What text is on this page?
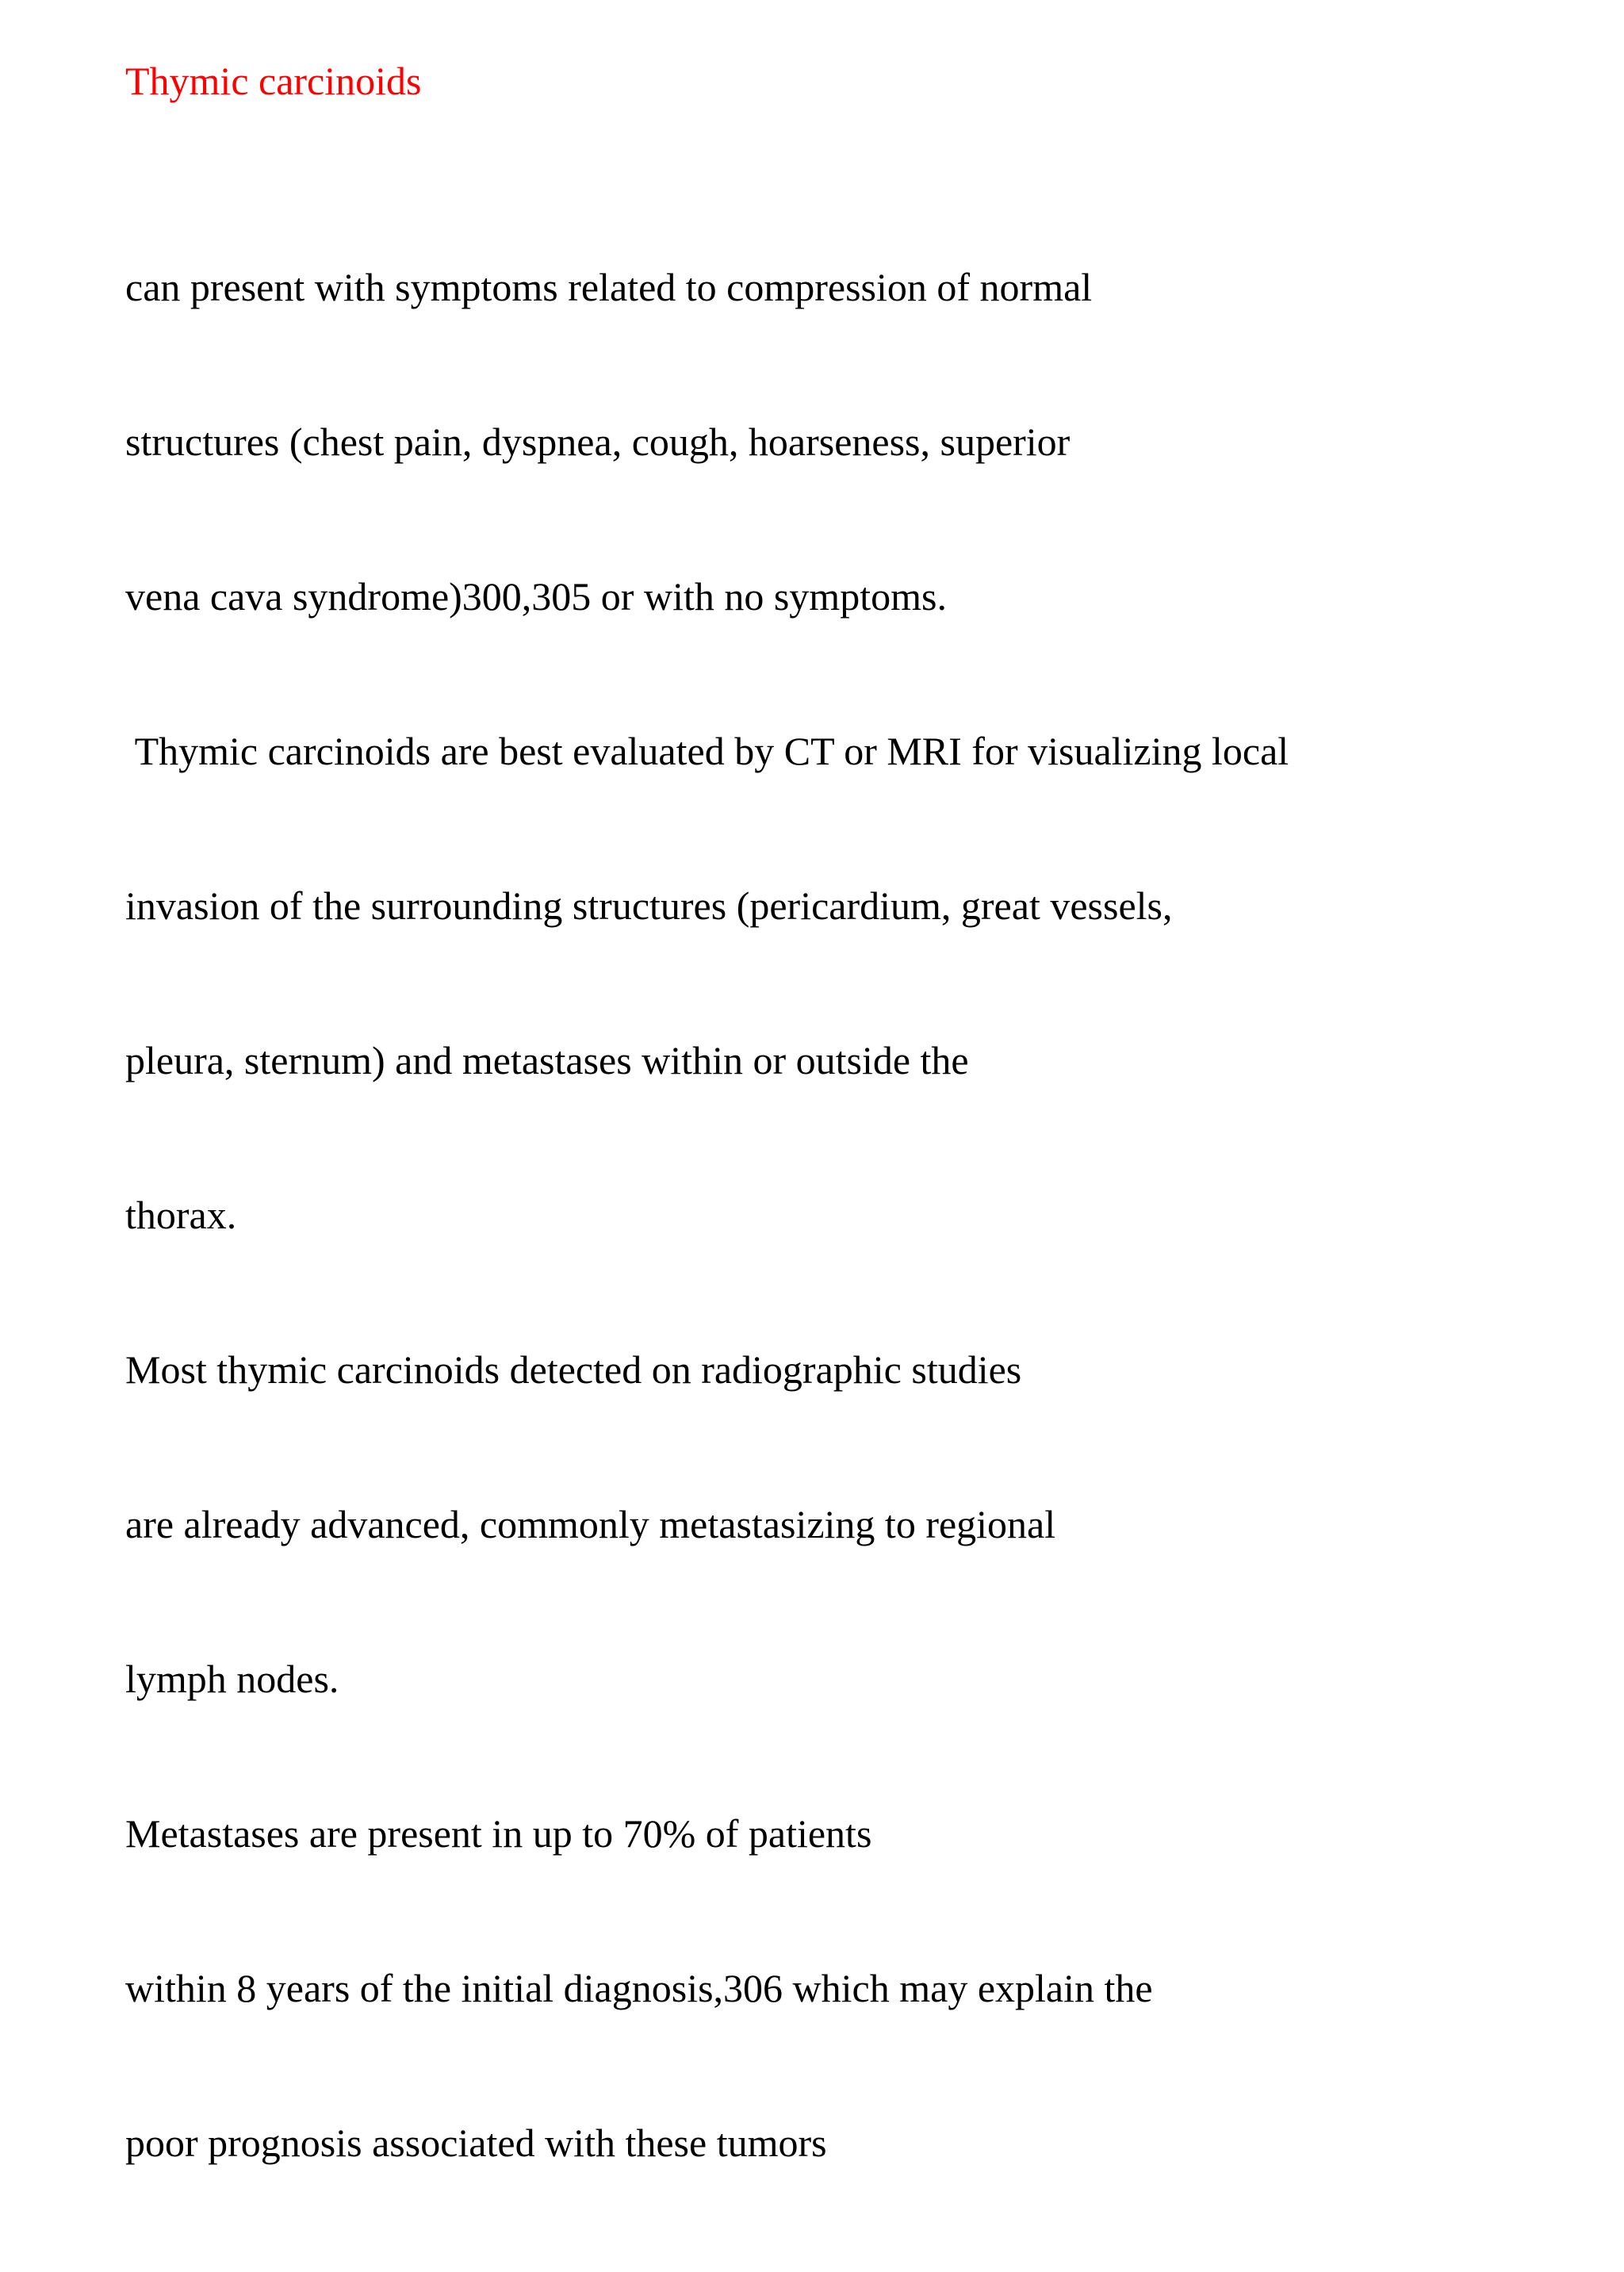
Thymic carcinoids

can present with symptoms related to compression of normal

structures (chest pain, dyspnea, cough, hoarseness, superior

vena cava syndrome)300,305 or with no symptoms.

Thymic carcinoids are best evaluated by CT or MRI for visualizing local

invasion of the surrounding structures (pericardium, great vessels,

pleura, sternum) and metastases within or outside the

thorax.

Most thymic carcinoids detected on radiographic studies

are already advanced, commonly metastasizing to regional

lymph nodes.

Metastases are present in up to 70% of patients

within 8 years of the initial diagnosis,306 which may explain the

poor prognosis associated with these tumors
